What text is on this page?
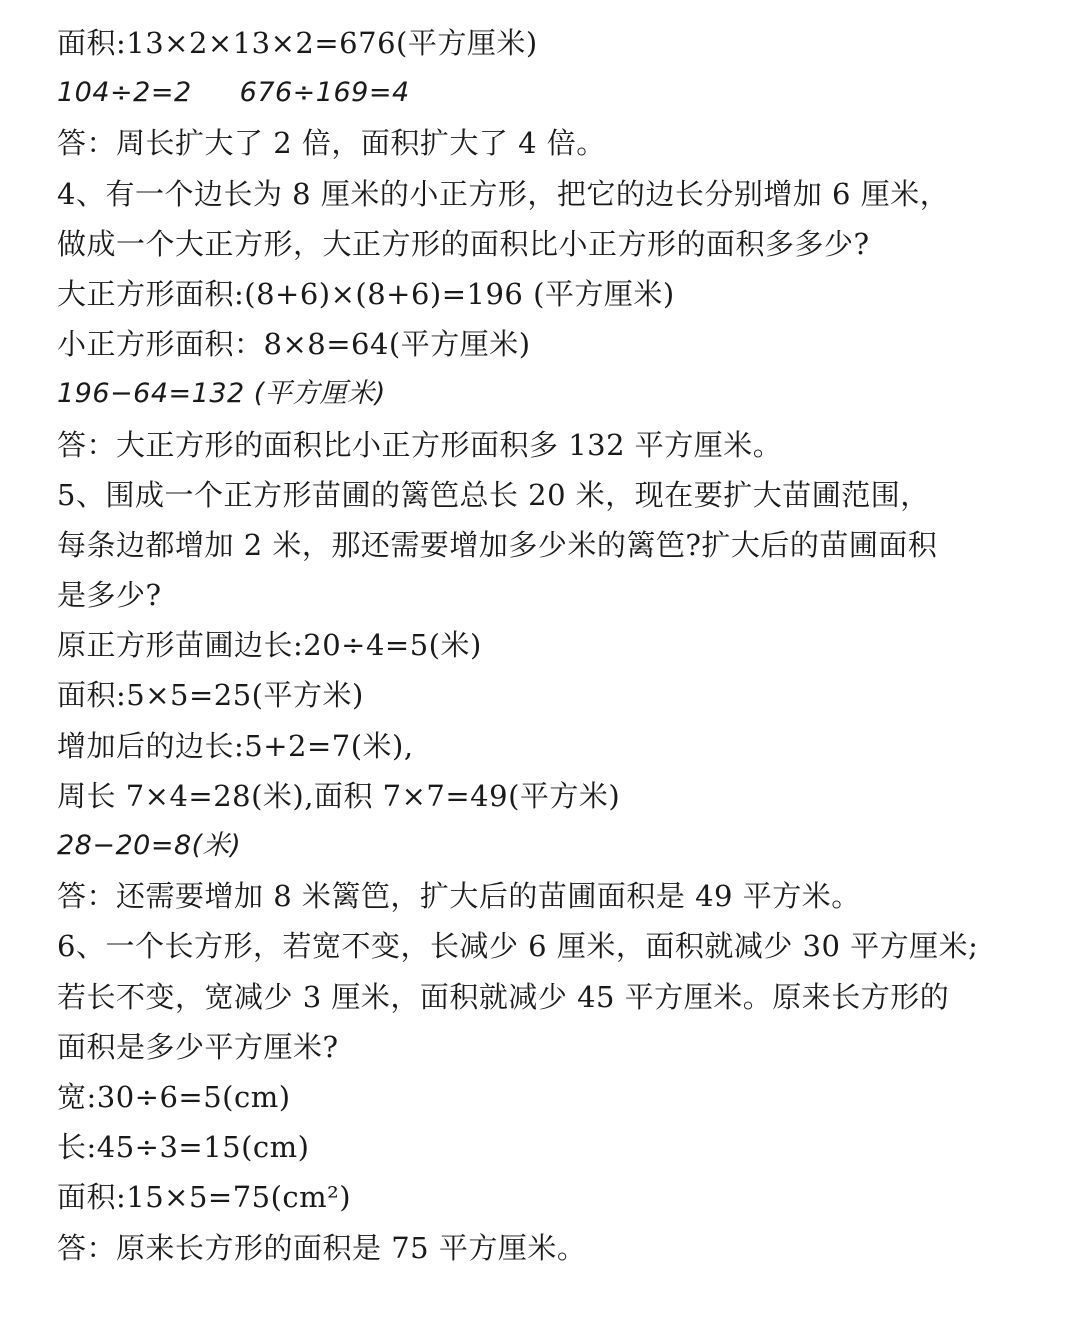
面积:13×2×13×2=676(平方厘米)
104÷2=2 676÷169=4
答：周长扩大了 2 倍，面积扩大了 4 倍。
4、有一个边长为 8 厘米的小正方形，把它的边长分别增加 6 厘米，
做成一个大正方形，大正方形的面积比小正方形的面积多多少?
大正方形面积:(8+6)×(8+6)=196 (平方厘米)
小正方形面积：8×8=64(平方厘米)
196−64=132 (平方厘米)
答：大正方形的面积比小正方形面积多 132 平方厘米。
5、围成一个正方形苗圃的篱笆总长 20 米，现在要扩大苗圃范围，
每条边都增加 2 米，那还需要增加多少米的篱笆?扩大后的苗圃面积
是多少?
原正方形苗圃边长:20÷4=5(米)
面积:5×5=25(平方米)
增加后的边长:5+2=7(米),
周长 7×4=28(米),面积 7×7=49(平方米)
28−20=8(米)
答：还需要增加 8 米篱笆，扩大后的苗圃面积是 49 平方米。
6、一个长方形，若宽不变，长减少 6 厘米，面积就减少 30 平方厘米;
若长不变，宽减少 3 厘米，面积就减少 45 平方厘米。原来长方形的
面积是多少平方厘米?
宽:30÷6=5(cm)
长:45÷3=15(cm)
面积:15×5=75(cm²)
答：原来长方形的面积是 75 平方厘米。
